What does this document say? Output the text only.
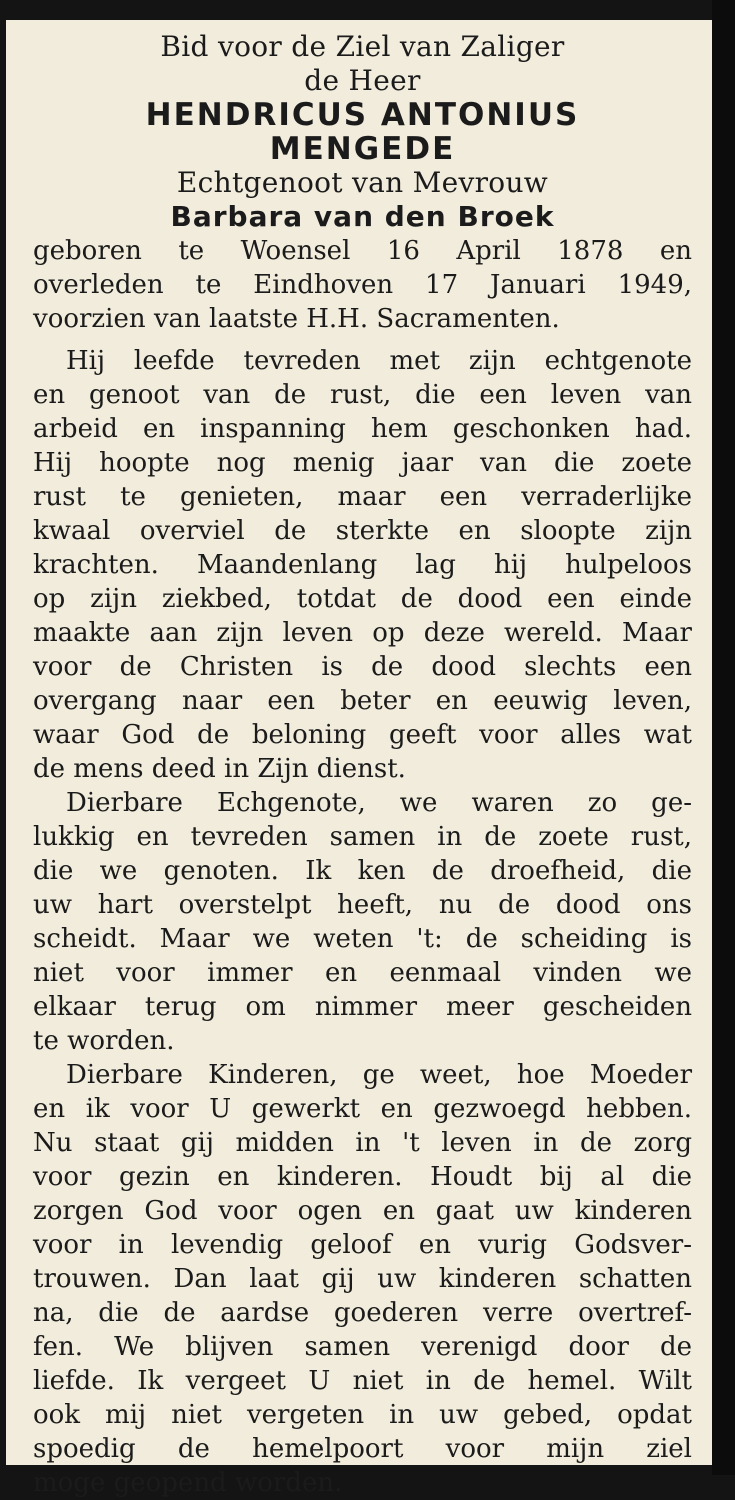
Bid voor de Ziel van Zaliger
de Heer
HENDRICUS ANTONIUS
MENGEDE
Echtgenoot van Mevrouw
Barbara van den Broek
geboren te Woensel 16 April 1878 en
overleden te Eindhoven 17 Januari 1949,
voorzien van laatste H.H. Sacramenten.
Hij leefde tevreden met zijn echtgenote
en genoot van de rust, die een leven van
arbeid en inspanning hem geschonken had.
Hij hoopte nog menig jaar van die zoete
rust te genieten, maar een verraderlijke
kwaal overviel de sterkte en sloopte zijn
krachten. Maandenlang lag hij hulpeloos
op zijn ziekbed, totdat de dood een einde
maakte aan zijn leven op deze wereld. Maar
voor de Christen is de dood slechts een
overgang naar een beter en eeuwig leven,
waar God de beloning geeft voor alles wat
de mens deed in Zijn dienst.
Dierbare Echgenote, we waren zo ge-
lukkig en tevreden samen in de zoete rust,
die we genoten. Ik ken de droefheid, die
uw hart overstelpt heeft, nu de dood ons
scheidt. Maar we weten 't: de scheiding is
niet voor immer en eenmaal vinden we
elkaar terug om nimmer meer gescheiden
te worden.
Dierbare Kinderen, ge weet, hoe Moeder
en ik voor U gewerkt en gezwoegd hebben.
Nu staat gij midden in 't leven in de zorg
voor gezin en kinderen. Houdt bij al die
zorgen God voor ogen en gaat uw kinderen
voor in levendig geloof en vurig Godsver-
trouwen. Dan laat gij uw kinderen schatten
na, die de aardse goederen verre overtref-
fen. We blijven samen verenigd door de
liefde. Ik vergeet U niet in de hemel. Wilt
ook mij niet vergeten in uw gebed, opdat
spoedig de hemelpoort voor mijn ziel
moge geopend worden.
